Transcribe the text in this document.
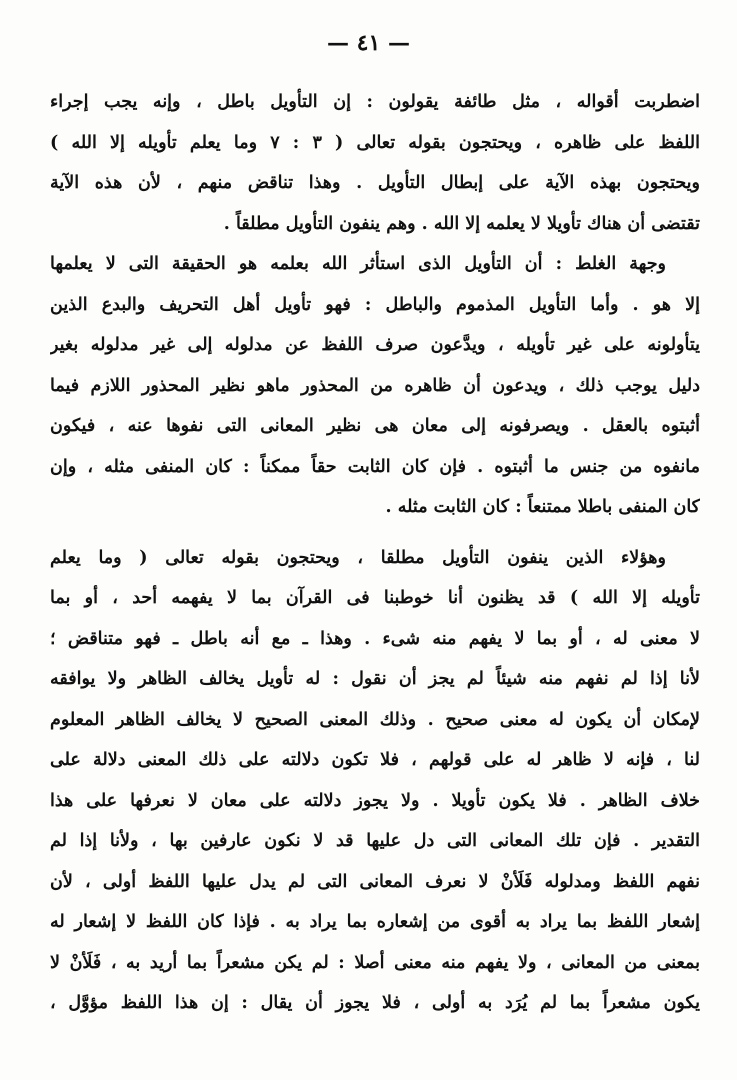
— ٤١ —
اضطربت أقواله ، مثل طائفة يقولون : إن التأويل باطل ، وإنه يجب إجراء
اللفظ على ظاهره ، ويحتجون بقوله تعالى ( ٣ : ٧ وما يعلم تأويله إلا الله )
ويحتجون بهذه الآية على إبطال التأويل . وهذا تناقض منهم ، لأن هذه الآية
تقتضى أن هناك تأويلا لا يعلمه إلا الله . وهم ينفون التأويل مطلقاً .
وجهة الغلط : أن التأويل الذى استأثر الله بعلمه هو الحقيقة التى لا يعلمها
إلا هو . وأما التأويل المذموم والباطل : فهو تأويل أهل التحريف والبدع الذين
يتأولونه على غير تأويله ، ويدَّعون صرف اللفظ عن مدلوله إلى غير مدلوله بغير
دليل يوجب ذلك ، ويدعون أن ظاهره من المحذور ماهو نظير المحذور اللازم فيما
أثبتوه بالعقل . ويصرفونه إلى معان هى نظير المعانى التى نفوها عنه ، فيكون
مانفوه من جنس ما أثبتوه . فإن كان الثابت حقاً ممكناً : كان المنفى مثله ، وإن
كان المنفى باطلا ممتنعاً : كان الثابت مثله .
وهؤلاء الذين ينفون التأويل مطلقا ، ويحتجون بقوله تعالى ( وما يعلم
تأويله إلا الله ) قد يظنون أنا خوطبنا فى القرآن بما لا يفهمه أحد ، أو بما
لا معنى له ، أو بما لا يفهم منه شىء . وهذا ـ مع أنه باطل ـ فهو متناقض ؛
لأنا إذا لم نفهم منه شيئاً لم يجز أن نقول : له تأويل يخالف الظاهر ولا يوافقه
لإمكان أن يكون له معنى صحيح . وذلك المعنى الصحيح لا يخالف الظاهر المعلوم
لنا ، فإنه لا ظاهر له على قولهم ، فلا تكون دلالته على ذلك المعنى دلالة على
خلاف الظاهر . فلا يكون تأويلا . ولا يجوز دلالته على معان لا نعرفها على هذا
التقدير . فإن تلك المعانى التى دل عليها قد لا نكون عارفين بها ، ولأنا إذا لم
نفهم اللفظ ومدلوله فَلَأنْ لا نعرف المعانى التى لم يدل عليها اللفظ أولى ، لأن
إشعار اللفظ بما يراد به أقوى من إشعاره بما يراد به . فإذا كان اللفظ لا إشعار له
بمعنى من المعانى ، ولا يفهم منه معنى أصلا : لم يكن مشعراً بما أريد به ، فَلَأنْ لا
يكون مشعراً بما لم يُرَد به أولى ، فلا يجوز أن يقال : إن هذا اللفظ مؤوَّل ،
